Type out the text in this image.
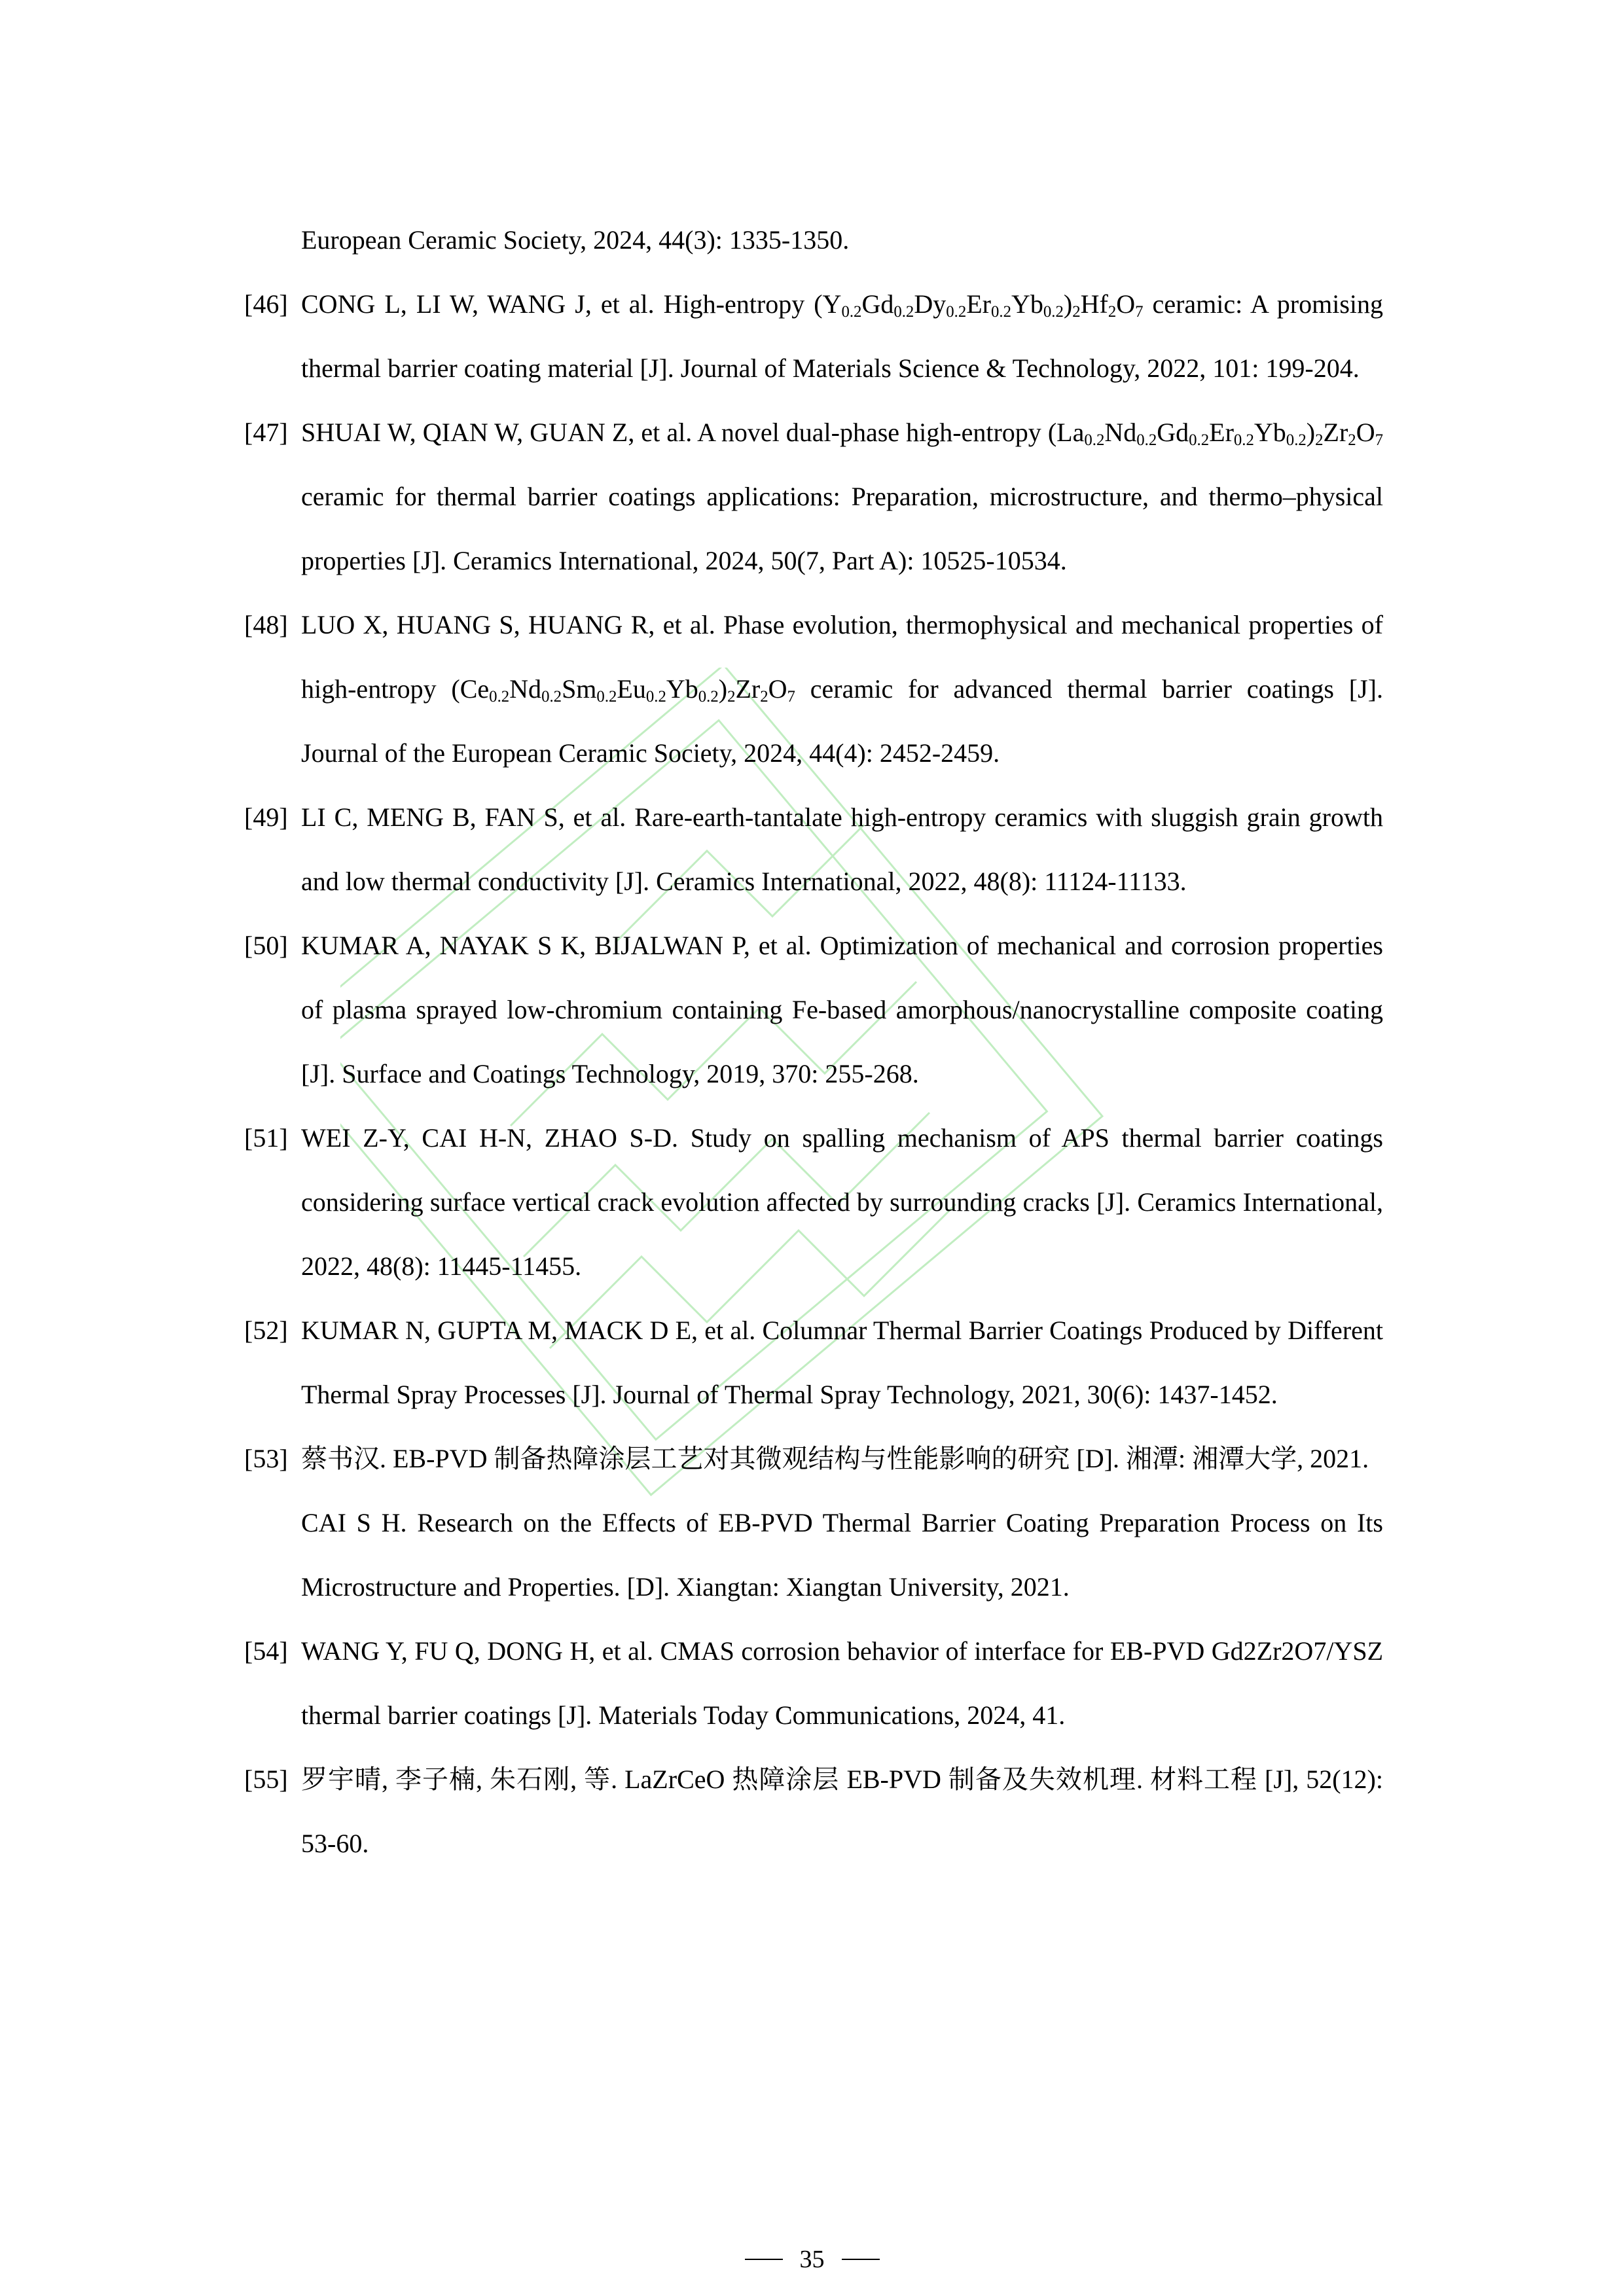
European Ceramic Society, 2024, 44(3): 1335-1350.
[46] CONG L, LI W, WANG J, et al. High-entropy $(Y_{0.2}Gd_{0.2}Dy_{0.2}Er_{0.2}Yb_{0.2})_2Hf_2O_7$ ceramic: A promising thermal barrier coating material [J]. Journal of Materials Science & Technology, 2022, 101: 199-204.
[47] SHUAI W, QIAN W, GUAN Z, et al. A novel dual-phase high-entropy $(La_{0.2}Nd_{0.2}Gd_{0.2}Er_{0.2}Yb_{0.2})_2Zr_2O_7$ ceramic for thermal barrier coatings applications: Preparation, microstructure, and thermo–physical properties [J]. Ceramics International, 2024, 50(7, Part A): 10525-10534.
[48] LUO X, HUANG S, HUANG R, et al. Phase evolution, thermophysical and mechanical properties of high-entropy $(Ce_{0.2}Nd_{0.2}Sm_{0.2}Eu_{0.2}Yb_{0.2})_2Zr_2O_7$ ceramic for advanced thermal barrier coatings [J]. Journal of the European Ceramic Society, 2024, 44(4): 2452-2459.
[49] LI C, MENG B, FAN S, et al. Rare-earth-tantalate high-entropy ceramics with sluggish grain growth and low thermal conductivity [J]. Ceramics International, 2022, 48(8): 11124-11133.
[50] KUMAR A, NAYAK S K, BIJALWAN P, et al. Optimization of mechanical and corrosion properties of plasma sprayed low-chromium containing Fe-based amorphous/nanocrystalline composite coating [J]. Surface and Coatings Technology, 2019, 370: 255-268.
[51] WEI Z-Y, CAI H-N, ZHAO S-D. Study on spalling mechanism of APS thermal barrier coatings considering surface vertical crack evolution affected by surrounding cracks [J]. Ceramics International, 2022, 48(8): 11445-11455.
[52] KUMAR N, GUPTA M, MACK D E, et al. Columnar Thermal Barrier Coatings Produced by Different Thermal Spray Processes [J]. Journal of Thermal Spray Technology, 2021, 30(6): 1437-1452.
[53] 蔡书汉. EB-PVD 制备热障涂层工艺对其微观结构与性能影响的研究 [D]. 湘潭: 湘潭大学, 2021.
CAI S H. Research on the Effects of EB-PVD Thermal Barrier Coating Preparation Process on Its Microstructure and Properties. [D]. Xiangtan: Xiangtan University, 2021.
[54] WANG Y, FU Q, DONG H, et al. CMAS corrosion behavior of interface for EB-PVD Gd2Zr2O7/YSZ thermal barrier coatings [J]. Materials Today Communications, 2024, 41.
[55] 罗宇晴, 李子楠, 朱石刚, 等. LaZrCeO 热障涂层 EB-PVD 制备及失效机理. 材料工程 [J], 52(12): 53-60.
35
